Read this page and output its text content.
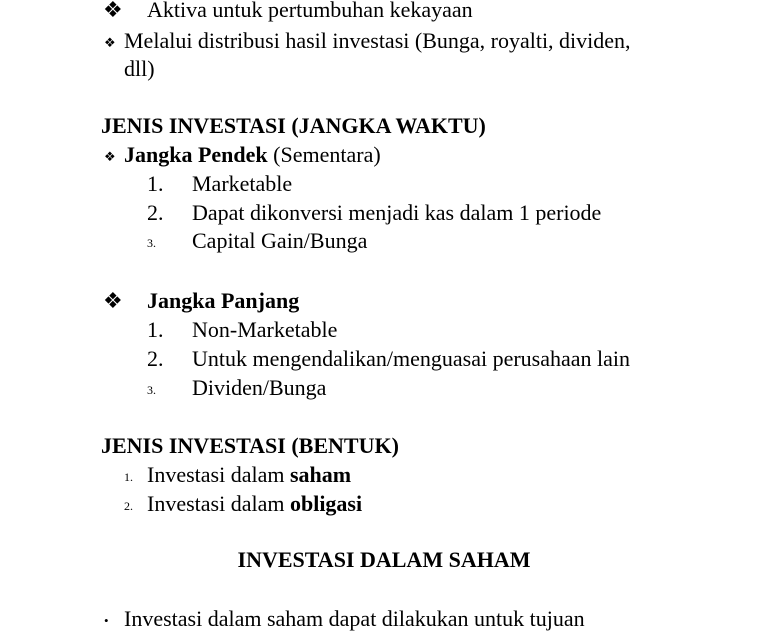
❖ Aktiva untuk pertumbuhan kekayaan
❖ Melalui distribusi hasil investasi (Bunga, royalti, dividen,
dll)
JENIS INVESTASI (JANGKA WAKTU)
❖ Jangka Pendek (Sementara)
1. Marketable
2. Dapat dikonversi menjadi kas dalam 1 periode
3. Capital Gain/Bunga
❖ Jangka Panjang
1. Non-Marketable
2. Untuk mengendalikan/menguasai perusahaan lain
3. Dividen/Bunga
JENIS INVESTASI (BENTUK)
1. Investasi dalam saham
2. Investasi dalam obligasi
INVESTASI DALAM SAHAM
• Investasi dalam saham dapat dilakukan untuk tujuan
